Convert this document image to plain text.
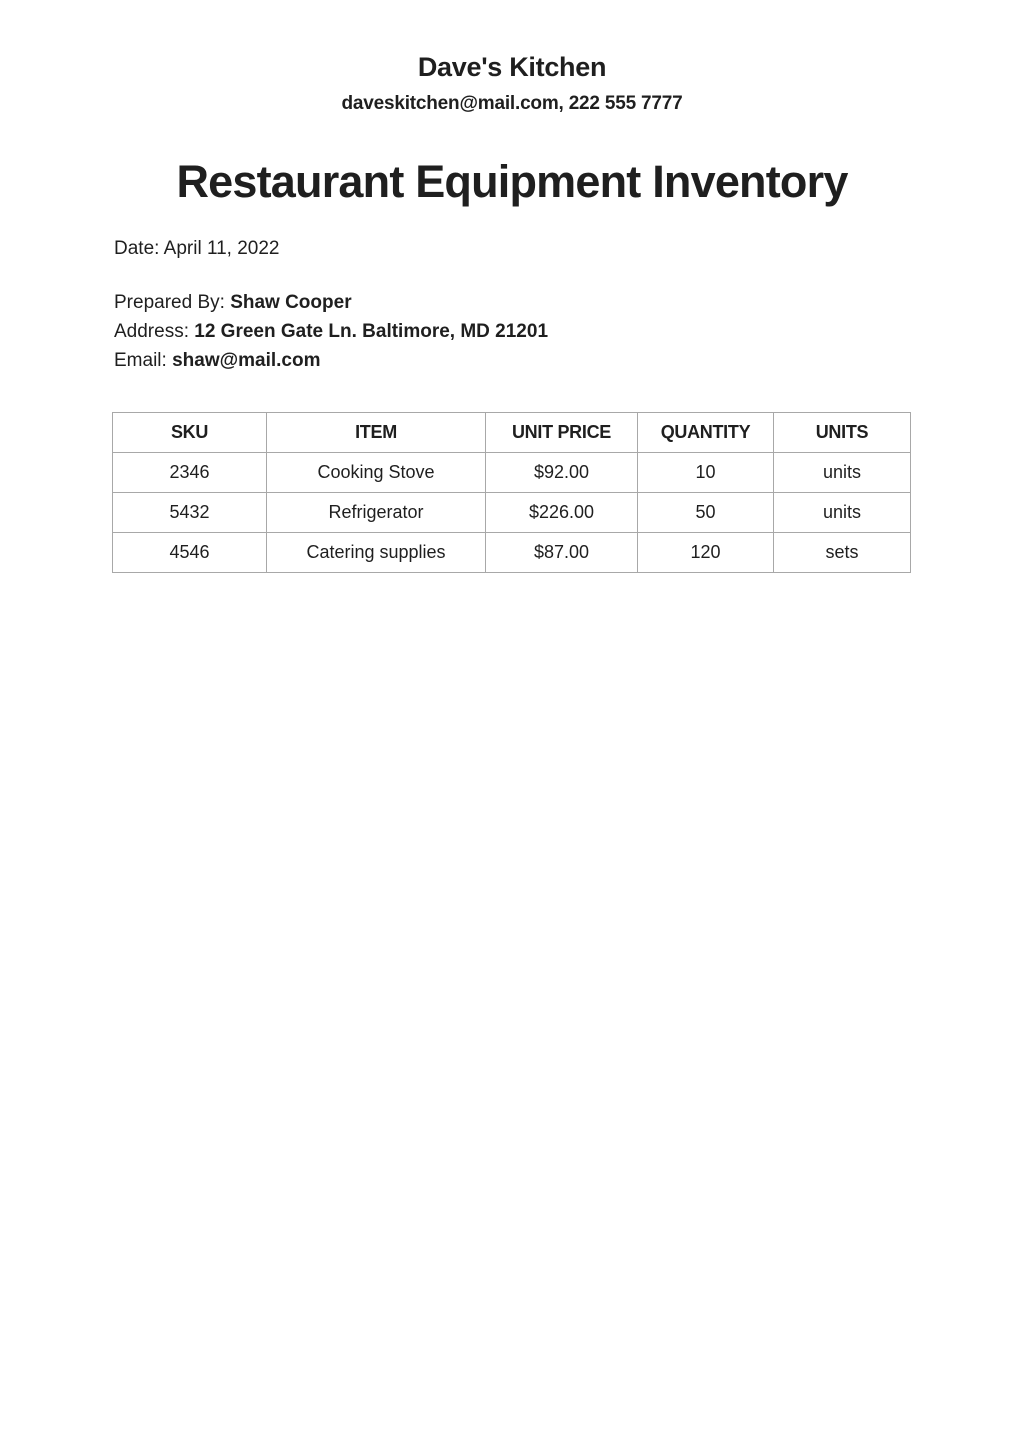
Dave's Kitchen
daveskitchen@mail.com, 222 555 7777
Restaurant Equipment Inventory
Date: April 11, 2022
Prepared By: Shaw Cooper
Address: 12 Green Gate Ln. Baltimore, MD 21201
Email: shaw@mail.com
SKU	ITEM	UNIT PRICE	QUANTITY	UNITS
2346	Cooking Stove	$92.00	10	units
5432	Refrigerator	$226.00	50	units
4546	Catering supplies	$87.00	120	sets
